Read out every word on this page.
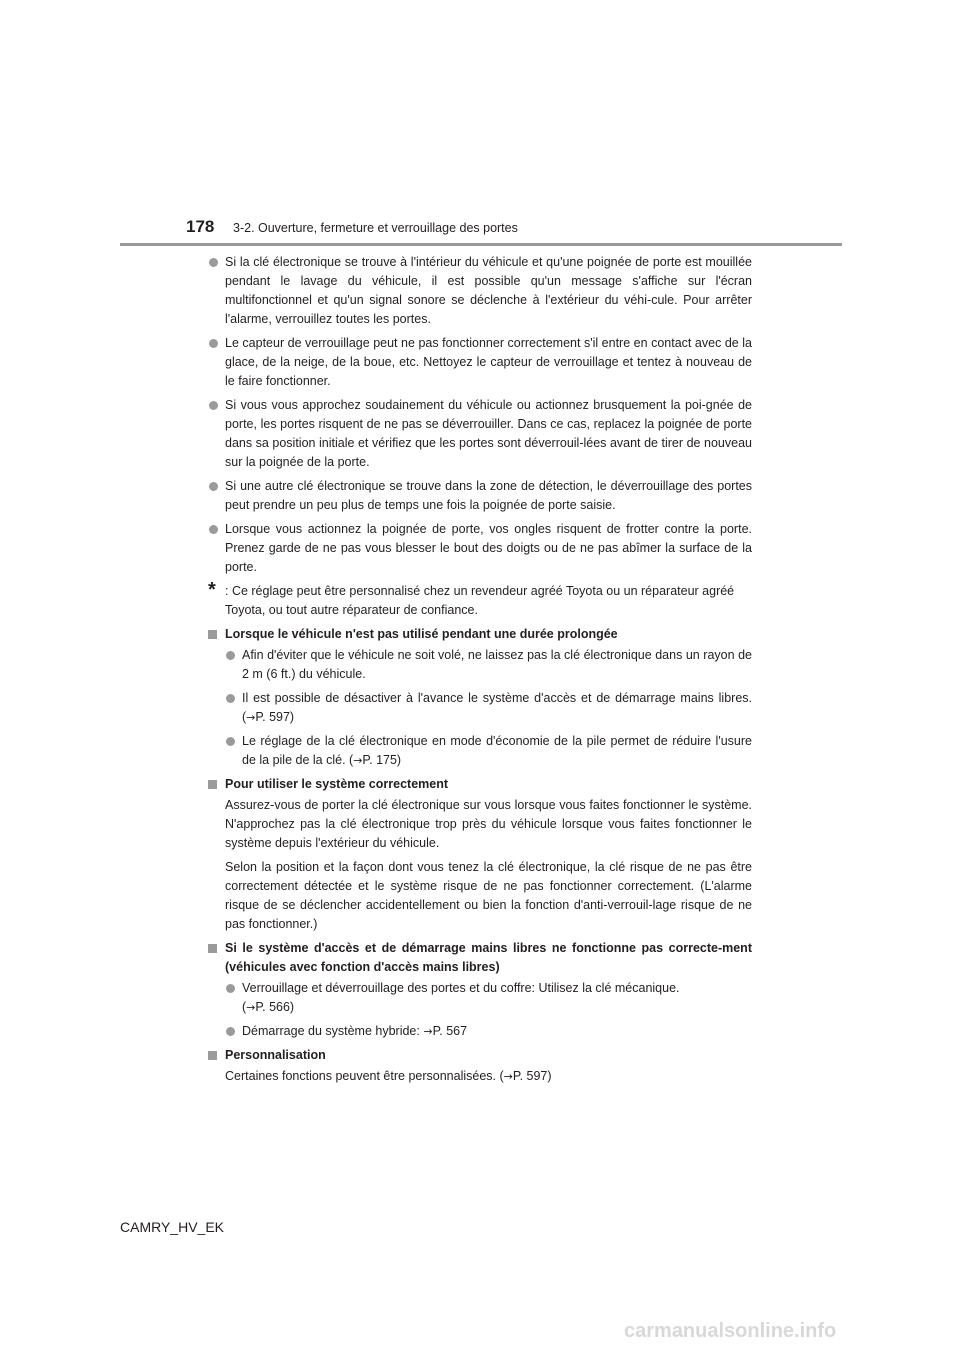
178 3-2. Ouverture, fermeture et verrouillage des portes
Si la clé électronique se trouve à l'intérieur du véhicule et qu'une poignée de porte est mouillée pendant le lavage du véhicule, il est possible qu'un message s'affiche sur l'écran multifonctionnel et qu'un signal sonore se déclenche à l'extérieur du véhi-cule. Pour arrêter l'alarme, verrouillez toutes les portes.
Le capteur de verrouillage peut ne pas fonctionner correctement s'il entre en contact avec de la glace, de la neige, de la boue, etc. Nettoyez le capteur de verrouillage et tentez à nouveau de le faire fonctionner.
Si vous vous approchez soudainement du véhicule ou actionnez brusquement la poi-gnée de porte, les portes risquent de ne pas se déverrouiller. Dans ce cas, replacez la poignée de porte dans sa position initiale et vérifiez que les portes sont déverrouil-lées avant de tirer de nouveau sur la poignée de la porte.
Si une autre clé électronique se trouve dans la zone de détection, le déverrouillage des portes peut prendre un peu plus de temps une fois la poignée de porte saisie.
Lorsque vous actionnez la poignée de porte, vos ongles risquent de frotter contre la porte. Prenez garde de ne pas vous blesser le bout des doigts ou de ne pas abîmer la surface de la porte.
* : Ce réglage peut être personnalisé chez un revendeur agréé Toyota ou un réparateur agréé Toyota, ou tout autre réparateur de confiance.
Lorsque le véhicule n'est pas utilisé pendant une durée prolongée
Afin d'éviter que le véhicule ne soit volé, ne laissez pas la clé électronique dans un rayon de 2 m (6 ft.) du véhicule.
Il est possible de désactiver à l'avance le système d'accès et de démarrage mains libres. (→P. 597)
Le réglage de la clé électronique en mode d'économie de la pile permet de réduire l'usure de la pile de la clé. (→P. 175)
Pour utiliser le système correctement
Assurez-vous de porter la clé électronique sur vous lorsque vous faites fonctionner le système. N'approchez pas la clé électronique trop près du véhicule lorsque vous faites fonctionner le système depuis l'extérieur du véhicule.
Selon la position et la façon dont vous tenez la clé électronique, la clé risque de ne pas être correctement détectée et le système risque de ne pas fonctionner correctement. (L'alarme risque de se déclencher accidentellement ou bien la fonction d'anti-verrouil-lage risque de ne pas fonctionner.)
Si le système d'accès et de démarrage mains libres ne fonctionne pas correcte-ment (véhicules avec fonction d'accès mains libres)
Verrouillage et déverrouillage des portes et du coffre: Utilisez la clé mécanique.
(→P. 566)
Démarrage du système hybride: →P. 567
Personnalisation
Certaines fonctions peuvent être personnalisées. (→P. 597)
CAMRY_HV_EK
carmanualsonline.info
